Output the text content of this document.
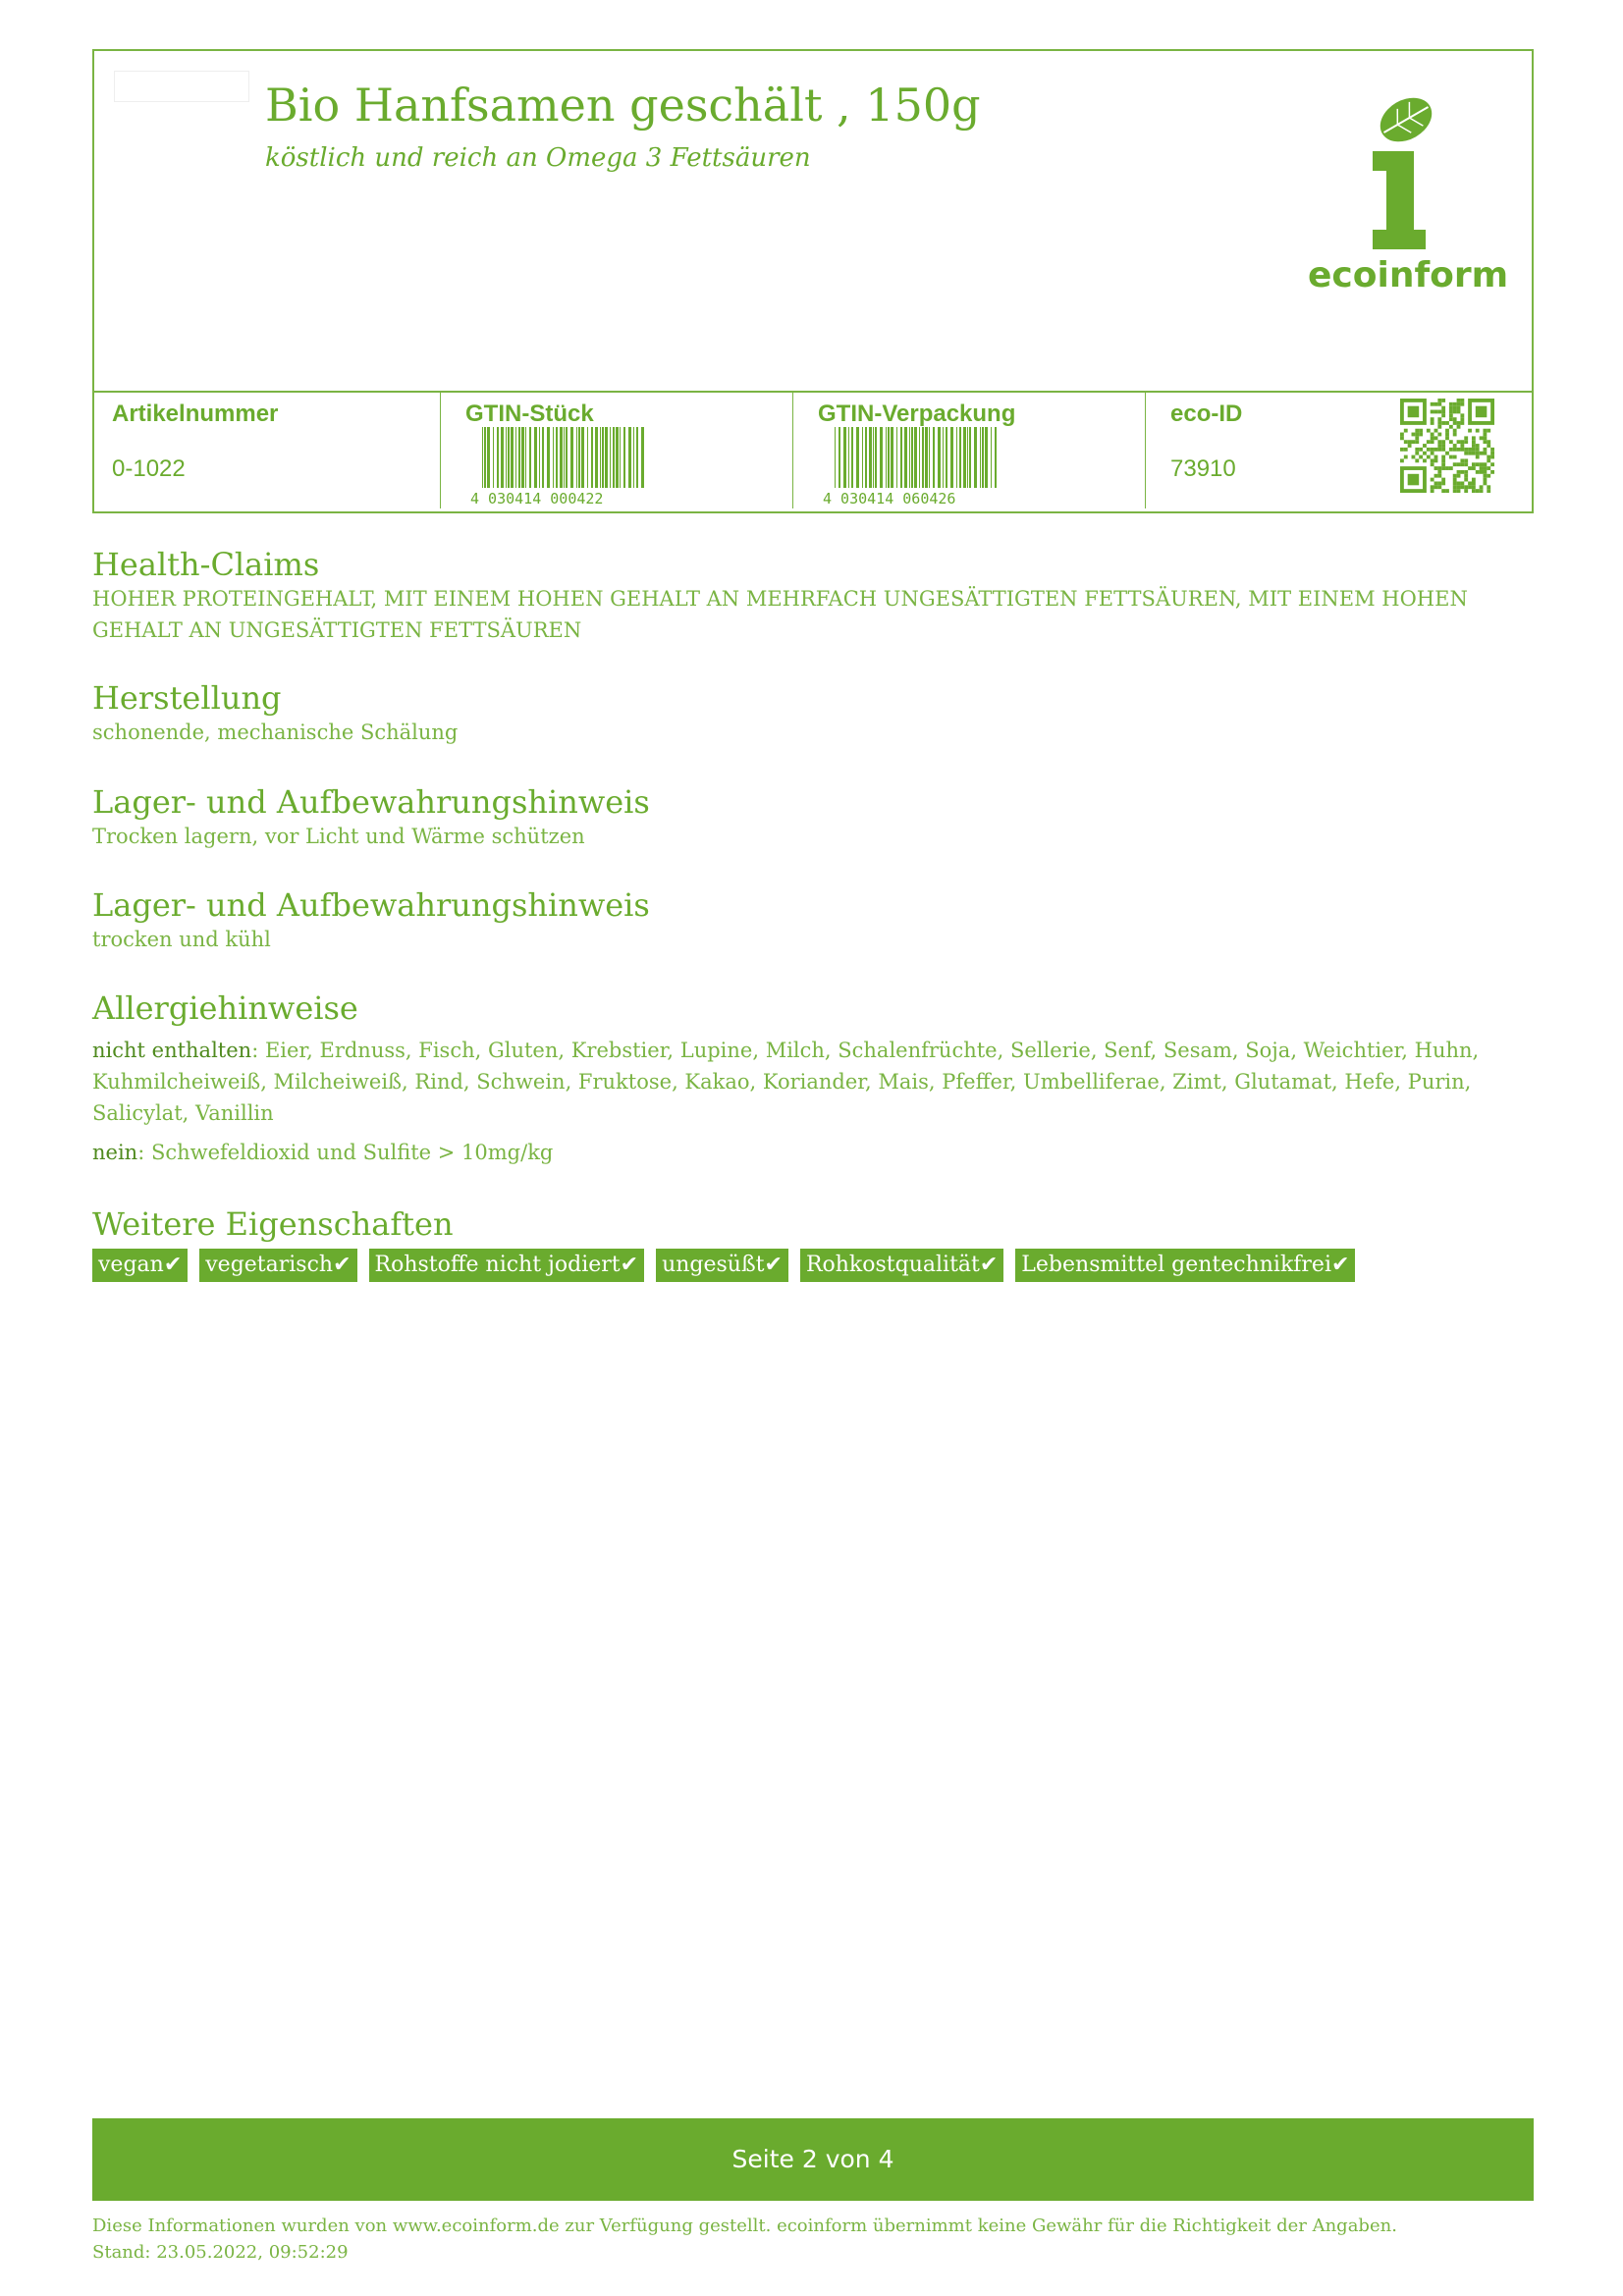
Bio Hanfsamen geschält , 150g
köstlich und reich an Omega 3 Fettsäuren
ecoinform
Artikelnummer
0-1022
GTIN-Stück
4 030414 000422
GTIN-Verpackung
4 030414 060426
eco-ID
73910
Health-Claims
HOHER PROTEINGEHALT, MIT EINEM HOHEN GEHALT AN MEHRFACH UNGESÄTTIGTEN FETTSÄUREN, MIT EINEM HOHEN GEHALT AN UNGESÄTTIGTEN FETTSÄUREN
Herstellung
schonende, mechanische Schälung
Lager- und Aufbewahrungshinweis
Trocken lagern, vor Licht und Wärme schützen
Lager- und Aufbewahrungshinweis
trocken und kühl
Allergiehinweise
nicht enthalten: Eier, Erdnuss, Fisch, Gluten, Krebstier, Lupine, Milch, Schalenfrüchte, Sellerie, Senf, Sesam, Soja, Weichtier, Huhn, Kuhmilcheiweiß, Milcheiweiß, Rind, Schwein, Fruktose, Kakao, Koriander, Mais, Pfeffer, Umbelliferae, Zimt, Glutamat, Hefe, Purin, Salicylat, Vanillin
nein: Schwefeldioxid und Sulfite > 10mg/kg
Weitere Eigenschaften
vegan✔ vegetarisch✔ Rohstoffe nicht jodiert✔ ungesüßt✔ Rohkostqualität✔ Lebensmittel gentechnikfrei✔
Seite 2 von 4
Diese Informationen wurden von www.ecoinform.de zur Verfügung gestellt. ecoinform übernimmt keine Gewähr für die Richtigkeit der Angaben.
Stand: 23.05.2022, 09:52:29
